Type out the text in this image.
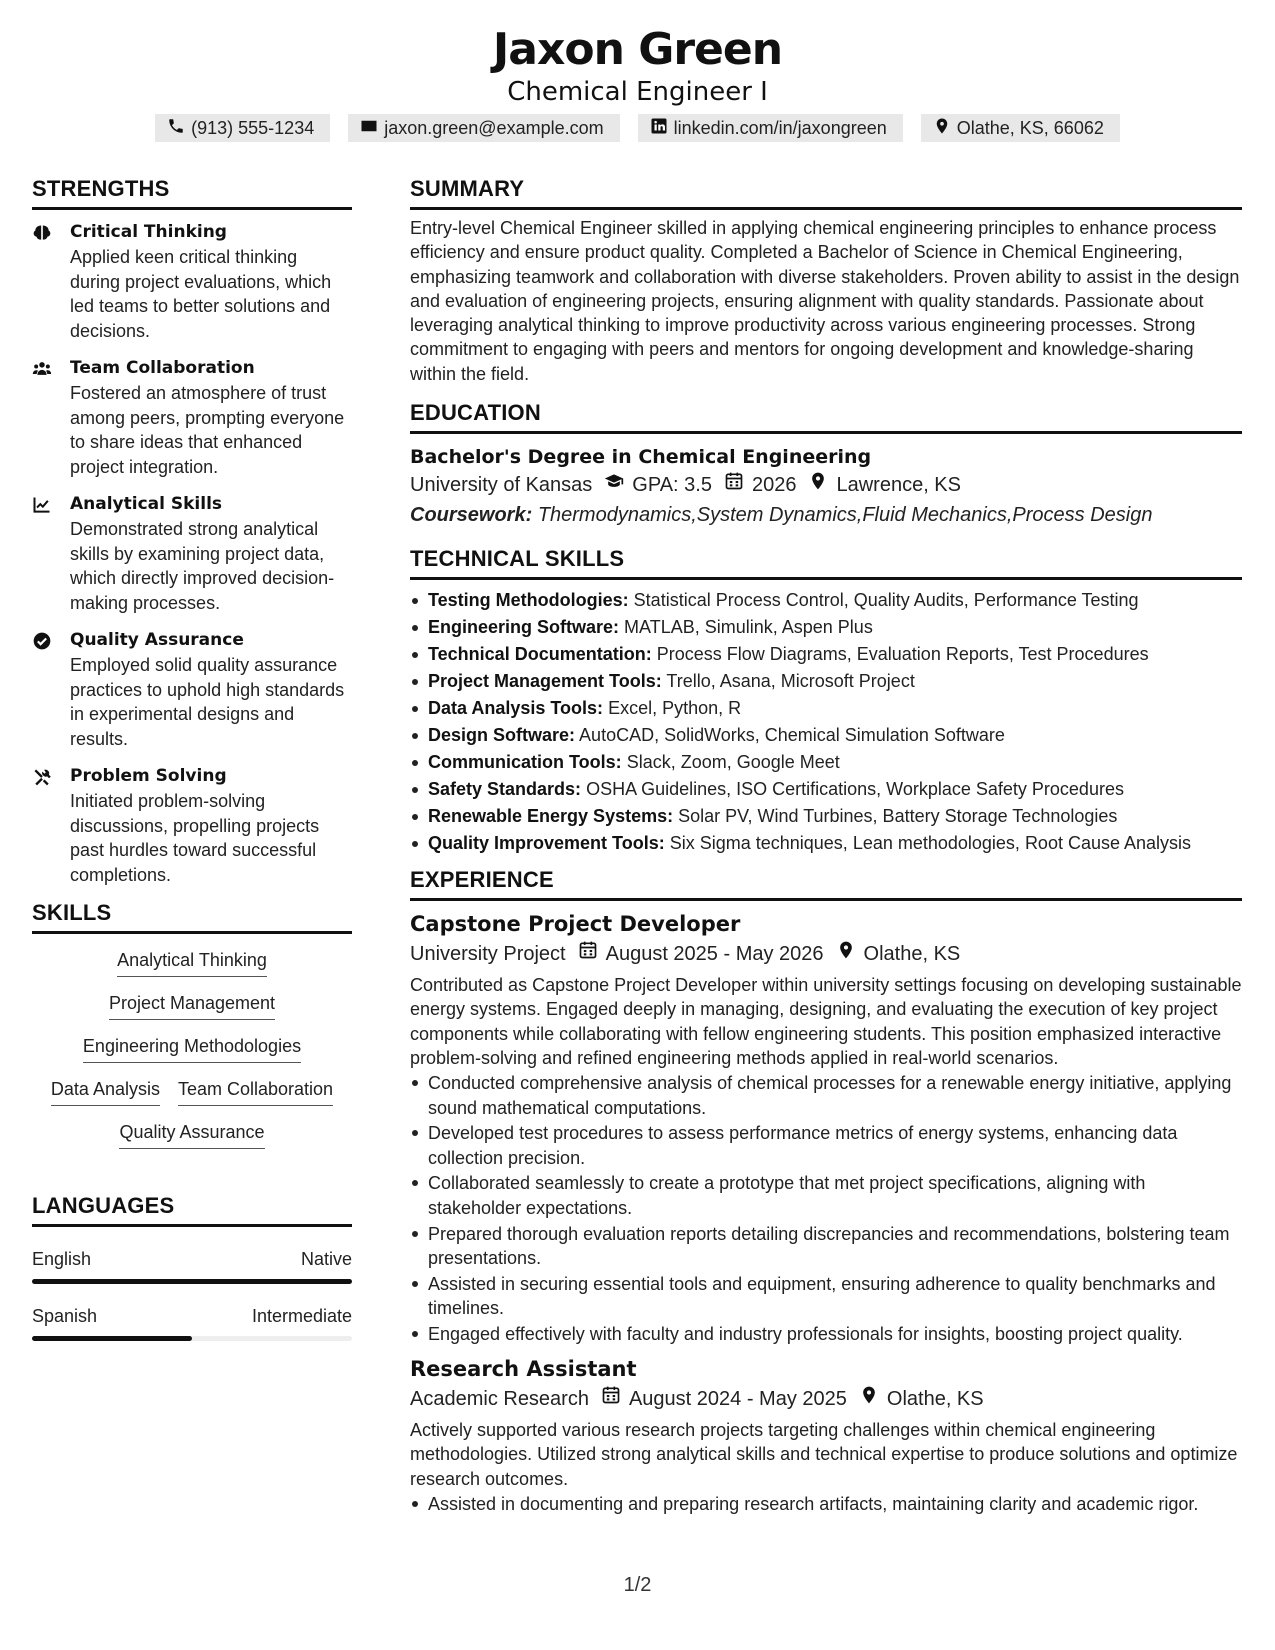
Jaxon Green
Chemical Engineer I
(913) 555-1234	jaxon.green@example.com	linkedin.com/in/jaxongreen	Olathe, KS, 66062
STRENGTHS
Critical Thinking
Applied keen critical thinking during project evaluations, which led teams to better solutions and decisions.
Team Collaboration
Fostered an atmosphere of trust among peers, prompting everyone to share ideas that enhanced project integration.
Analytical Skills
Demonstrated strong analytical skills by examining project data, which directly improved decision-making processes.
Quality Assurance
Employed solid quality assurance practices to uphold high standards in experimental designs and results.
Problem Solving
Initiated problem-solving discussions, propelling projects past hurdles toward successful completions.
SKILLS
Analytical Thinking
Project Management
Engineering Methodologies
Data Analysis Team Collaboration
Quality Assurance
LANGUAGES
English	Native
Spanish	Intermediate
SUMMARY
Entry-level Chemical Engineer skilled in applying chemical engineering principles to enhance process efficiency and ensure product quality. Completed a Bachelor of Science in Chemical Engineering, emphasizing teamwork and collaboration with diverse stakeholders. Proven ability to assist in the design and evaluation of engineering projects, ensuring alignment with quality standards. Passionate about leveraging analytical thinking to improve productivity across various engineering processes. Strong commitment to engaging with peers and mentors for ongoing development and knowledge-sharing within the field.
EDUCATION
Bachelor's Degree in Chemical Engineering
University of Kansas GPA: 3.5 2026 Lawrence, KS
Coursework: Thermodynamics,System Dynamics,Fluid Mechanics,Process Design
TECHNICAL SKILLS
Testing Methodologies: Statistical Process Control, Quality Audits, Performance Testing
Engineering Software: MATLAB, Simulink, Aspen Plus
Technical Documentation: Process Flow Diagrams, Evaluation Reports, Test Procedures
Project Management Tools: Trello, Asana, Microsoft Project
Data Analysis Tools: Excel, Python, R
Design Software: AutoCAD, SolidWorks, Chemical Simulation Software
Communication Tools: Slack, Zoom, Google Meet
Safety Standards: OSHA Guidelines, ISO Certifications, Workplace Safety Procedures
Renewable Energy Systems: Solar PV, Wind Turbines, Battery Storage Technologies
Quality Improvement Tools: Six Sigma techniques, Lean methodologies, Root Cause Analysis
EXPERIENCE
Capstone Project Developer
University Project August 2025 - May 2026 Olathe, KS
Contributed as Capstone Project Developer within university settings focusing on developing sustainable energy systems. Engaged deeply in managing, designing, and evaluating the execution of key project components while collaborating with fellow engineering students. This position emphasized interactive problem-solving and refined engineering methods applied in real-world scenarios.
Conducted comprehensive analysis of chemical processes for a renewable energy initiative, applying sound mathematical computations.
Developed test procedures to assess performance metrics of energy systems, enhancing data collection precision.
Collaborated seamlessly to create a prototype that met project specifications, aligning with stakeholder expectations.
Prepared thorough evaluation reports detailing discrepancies and recommendations, bolstering team presentations.
Assisted in securing essential tools and equipment, ensuring adherence to quality benchmarks and timelines.
Engaged effectively with faculty and industry professionals for insights, boosting project quality.
Research Assistant
Academic Research August 2024 - May 2025 Olathe, KS
Actively supported various research projects targeting challenges within chemical engineering methodologies. Utilized strong analytical skills and technical expertise to produce solutions and optimize research outcomes.
Assisted in documenting and preparing research artifacts, maintaining clarity and academic rigor.
1/2
